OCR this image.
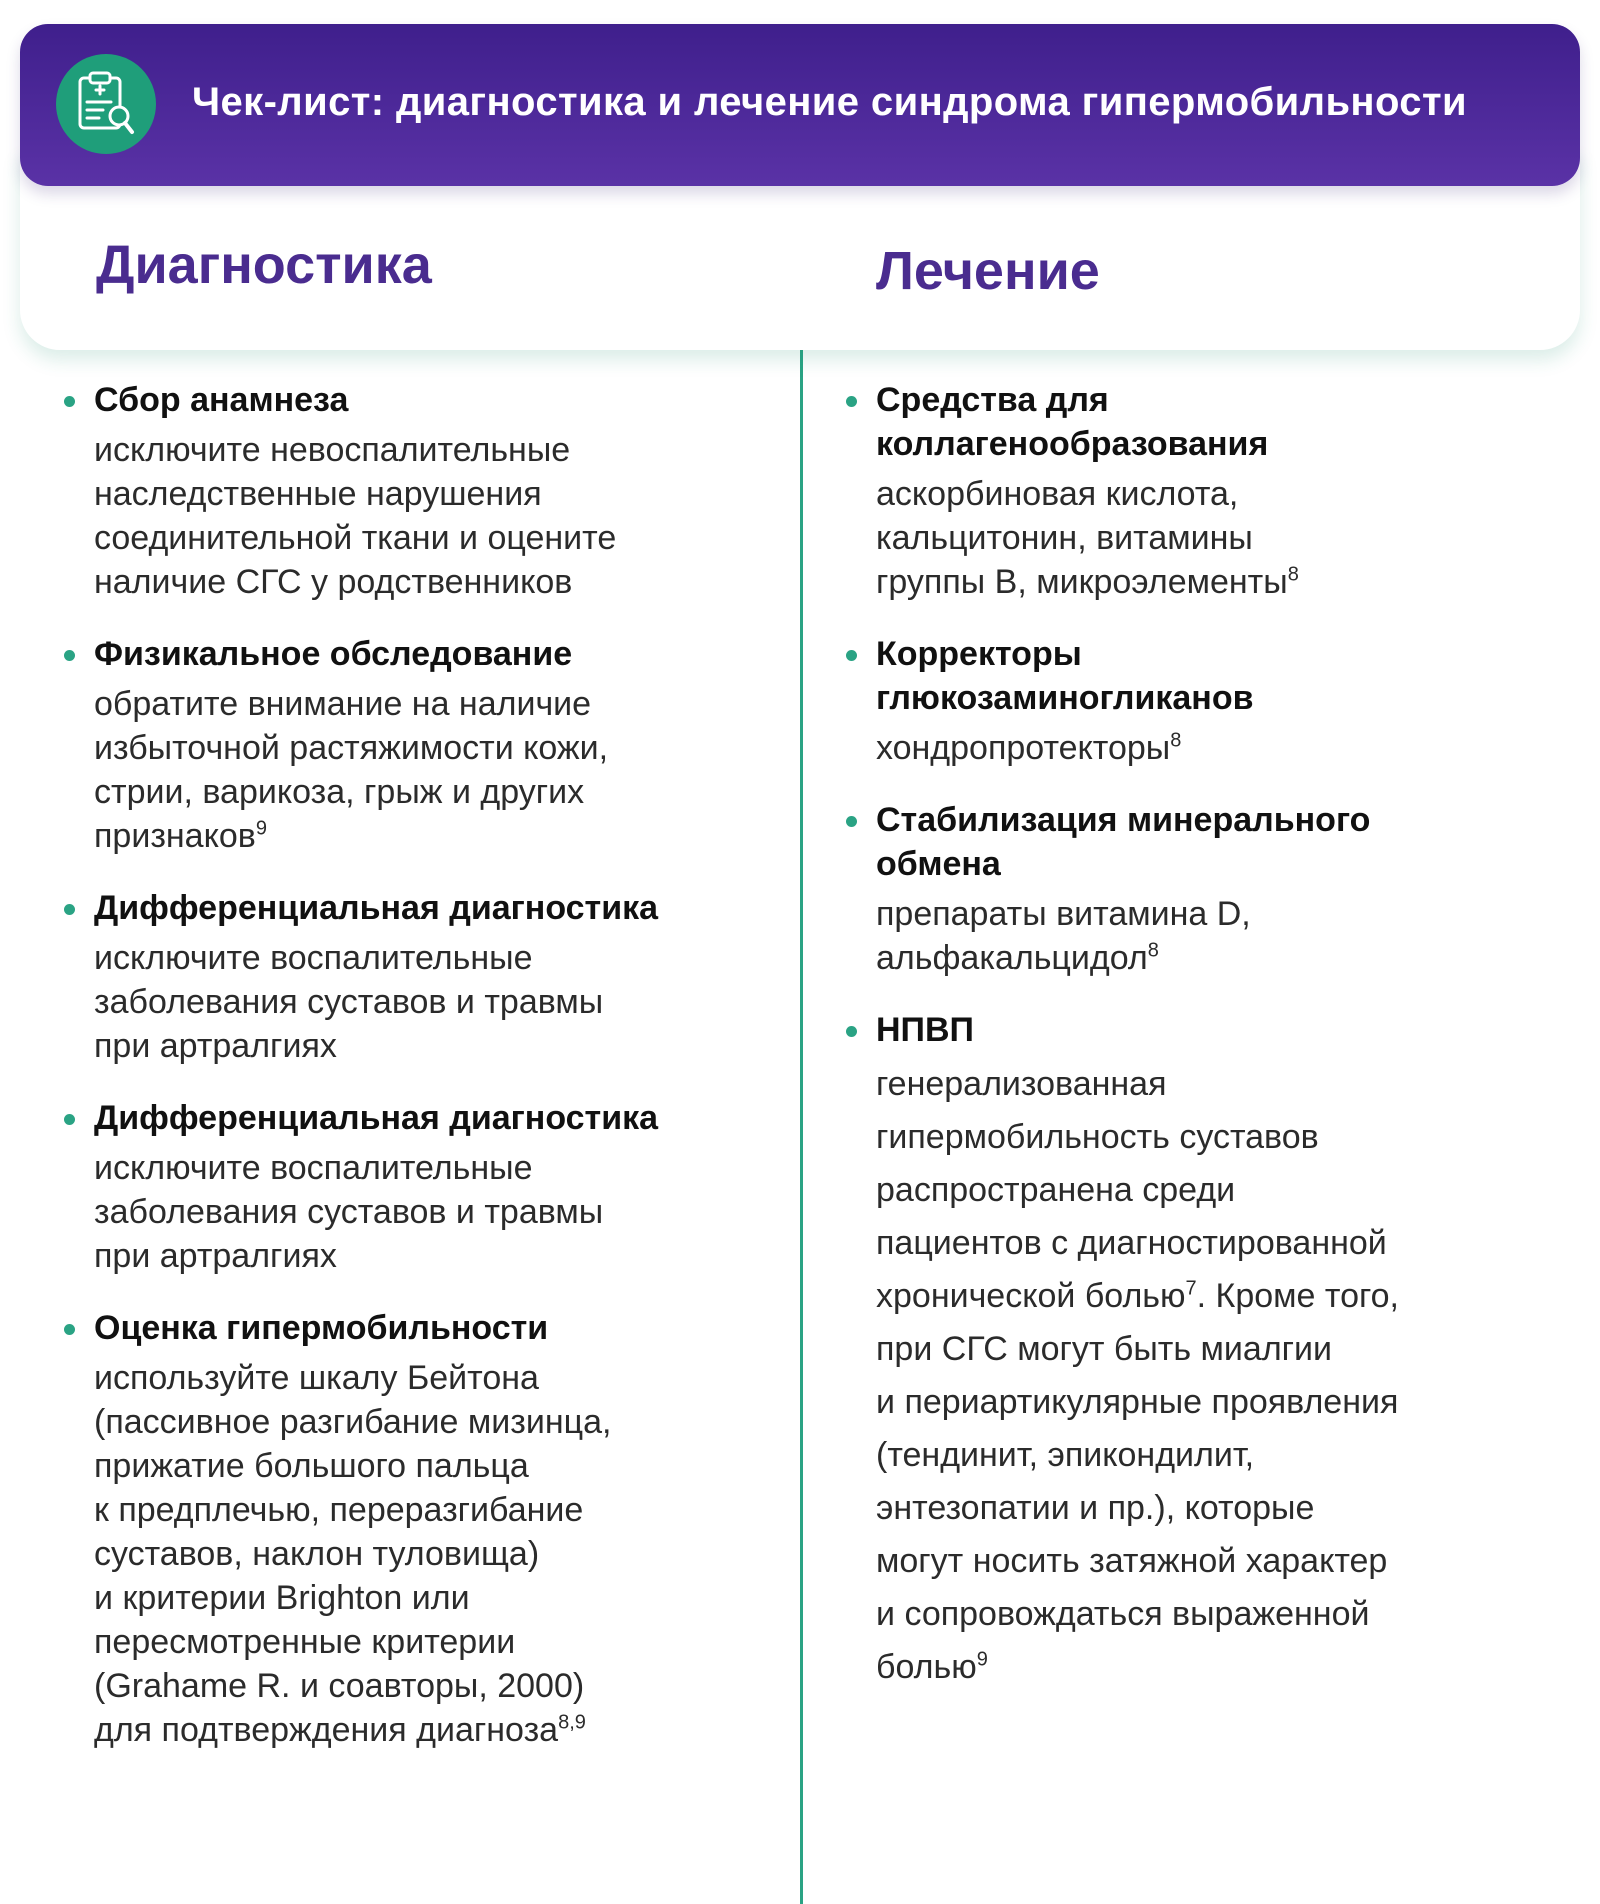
Чек-лист: диагностика и лечение синдрома гипермобильности
Диагностика	Лечение
Сбор анамнеза
исключите невоспалительные
наследственные нарушения
соединительной ткани и оцените
наличие СГС у родственников
Физикальное обследование
обратите внимание на наличие
избыточной растяжимости кожи,
стрии, варикоза, грыж и других
признаков$^9$
Дифференциальная диагностика
исключите воспалительные
заболевания суставов и травмы
при артралгиях
Дифференциальная диагностика
исключите воспалительные
заболевания суставов и травмы
при артралгиях
Оценка гипермобильности
используйте шкалу Бейтона
(пассивное разгибание мизинца,
прижатие большого пальца
к предплечью, переразгибание
суставов, наклон туловища)
и критерии Brighton или
пересмотренные критерии
(Grahame R. и соавторы, 2000)
для подтверждения диагноза$^{8,9}$
Средства для
коллагенообразования
аскорбиновая кислота,
кальцитонин, витамины
группы В, микроэлементы$^8$
Корректоры
глюкозаминогликанов
хондропротекторы$^8$
Стабилизация минерального
обмена
препараты витамина D,
альфакальцидол$^8$
НПВП
генерализованная
гипермобильность суставов
распространена среди
пациентов с диагностированной
хронической болью$^7$. Кроме того,
при СГС могут быть миалгии
и периартикулярные проявления
(тендинит, эпикондилит,
энтезопатии и пр.), которые
могут носить затяжной характер
и сопровождаться выраженной
болью$^9$
